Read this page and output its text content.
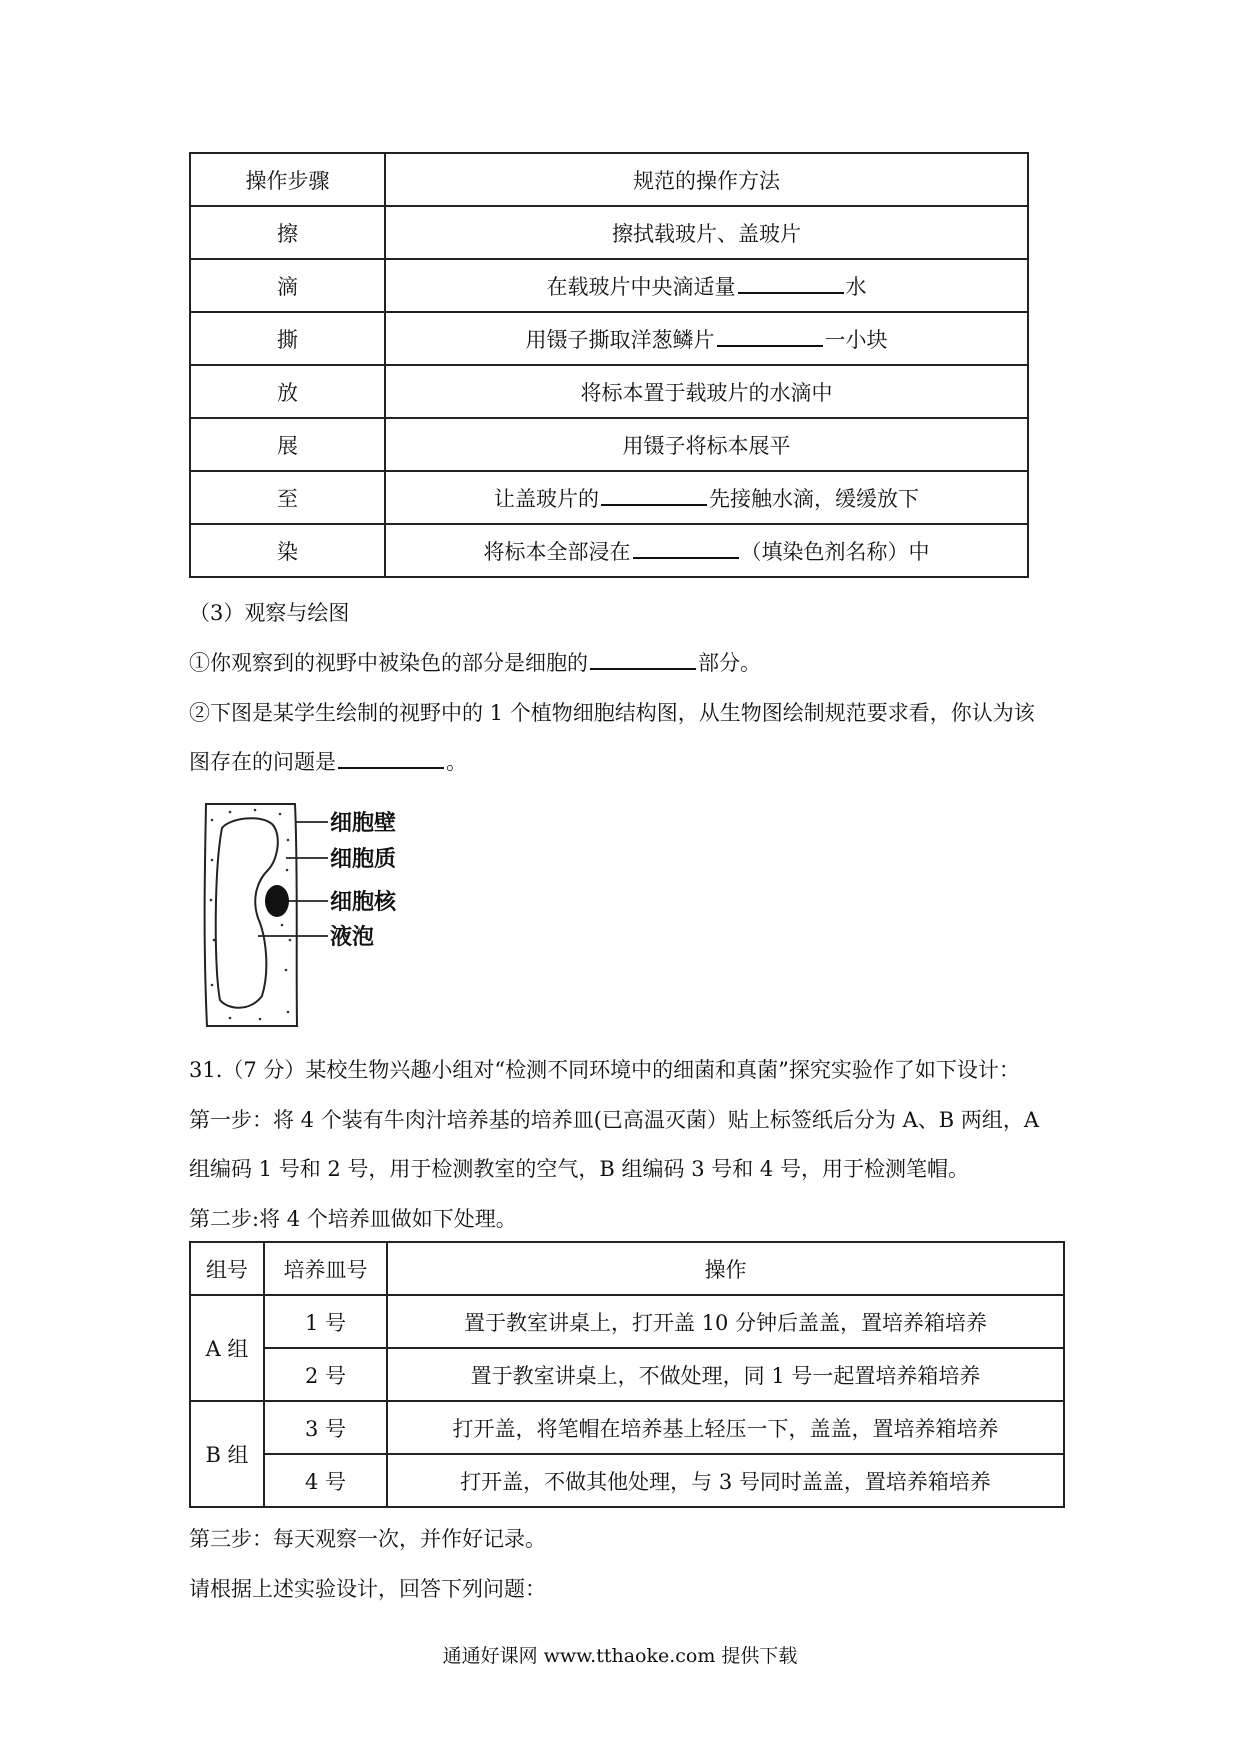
操作步骤	规范的操作方法
擦	擦拭载玻片、盖玻片
滴	在载玻片中央滴适量 水
撕	用镊子撕取洋葱鳞片 一小块
放	将标本置于载玻片的水滴中
展	用镊子将标本展平
至	让盖玻片的 先接触水滴，缓缓放下
染	将标本全部浸在 （填染色剂名称）中
（3）观察与绘图
①你观察到的视野中被染色的部分是细胞的	部分。
②下图是某学生绘制的视野中的 1 个植物细胞结构图，从生物图绘制规范要求看，你认为该
图存在的问题是	。
细胞壁
细胞质
细胞核
液泡
31.（7 分）某校生物兴趣小组对“检测不同环境中的细菌和真菌”探究实验作了如下设计：
第一步：将 4 个装有牛肉汁培养基的培养皿(已高温灭菌）贴上标签纸后分为 A、B 两组，A
组编码 1 号和 2 号，用于检测教室的空气，B 组编码 3 号和 4 号，用于检测笔帽。
第二步:将 4 个培养皿做如下处理。
组号	培养皿号	操作
A 组	1 号	置于教室讲桌上，打开盖 10 分钟后盖盖，置培养箱培养
	2 号	置于教室讲桌上，不做处理，同 1 号一起置培养箱培养
B 组	3 号	打开盖，将笔帽在培养基上轻压一下，盖盖，置培养箱培养
	4 号	打开盖，不做其他处理，与 3 号同时盖盖，置培养箱培养
第三步：每天观察一次，并作好记录。
请根据上述实验设计，回答下列问题：
通通好课网 www.tthaoke.com 提供下载
